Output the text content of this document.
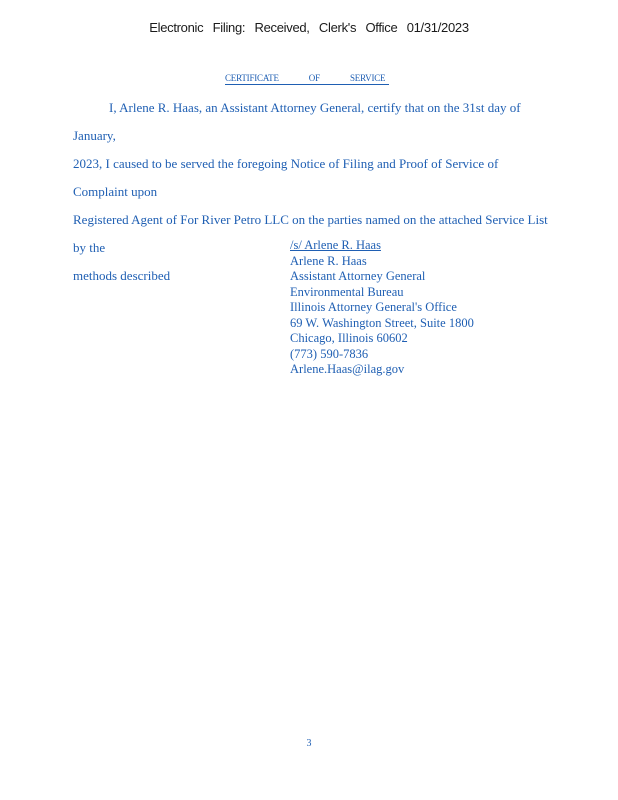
Electronic Filing: Received, Clerk's Office 01/31/2023
CERTIFICATE OF SERVICE
I, Arlene R. Haas, an Assistant Attorney General, certify that on the 31st day of January,
2023, I caused to be served the foregoing Notice of Filing and Proof of Service of Complaint upon
Registered Agent of For River Petro LLC on the parties named on the attached Service List by the
methods described
/s/ Arlene R. Haas
Arlene R. Haas
Assistant Attorney General
Environmental Bureau
Illinois Attorney General's Office
69 W. Washington Street, Suite 1800
Chicago, Illinois 60602
(773) 590-7836
Arlene.Haas@ilag.gov
3
